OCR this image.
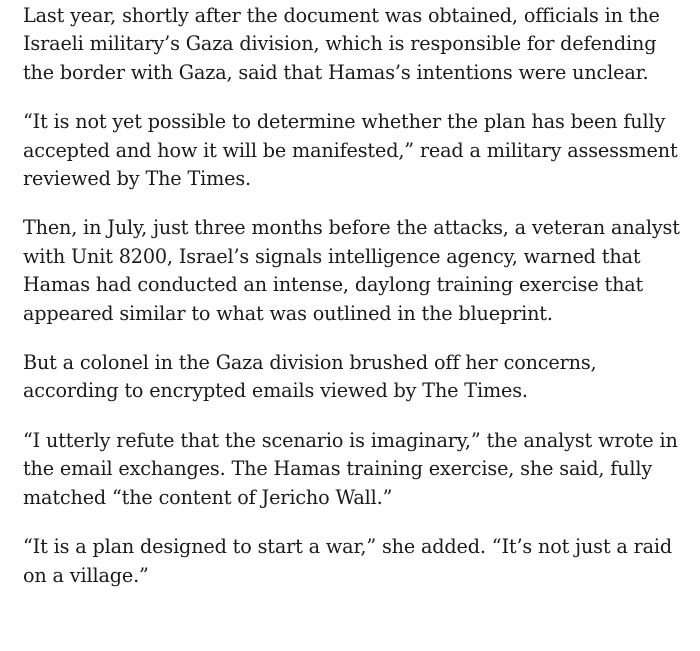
Last year, shortly after the document was obtained, officials in the Israeli military’s Gaza division, which is responsible for defending the border with Gaza, said that Hamas’s intentions were unclear.

“It is not yet possible to determine whether the plan has been fully accepted and how it will be manifested,” read a military assessment reviewed by The Times.

Then, in July, just three months before the attacks, a veteran analyst with Unit 8200, Israel’s signals intelligence agency, warned that Hamas had conducted an intense, daylong training exercise that appeared similar to what was outlined in the blueprint.

But a colonel in the Gaza division brushed off her concerns, according to encrypted emails viewed by The Times.

“I utterly refute that the scenario is imaginary,” the analyst wrote in the email exchanges. The Hamas training exercise, she said, fully matched “the content of Jericho Wall.”

“It is a plan designed to start a war,” she added. “It’s not just a raid on a village.”
